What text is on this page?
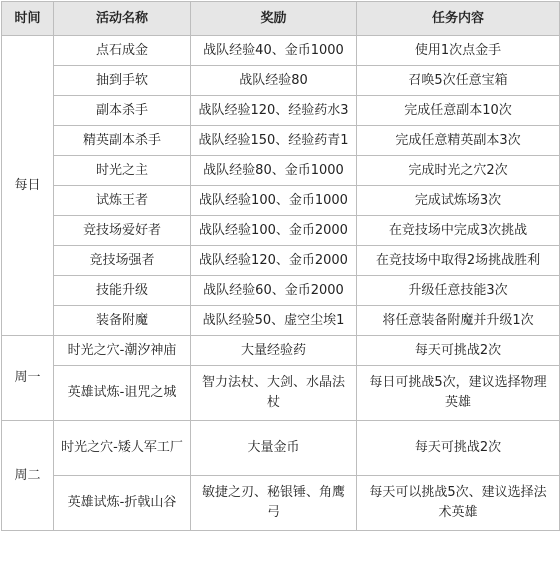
时间	活动名称	奖励	任务内容
每日	点石成金	战队经验40、金币1000	使用1次点金手
	抽到手软	战队经验80	召唤5次任意宝箱
	副本杀手	战队经验120、经验药水3	完成任意副本10次
	精英副本杀手	战队经验150、经验药青1	完成任意精英副本3次
	时光之主	战队经验80、金币1000	完成时光之穴2次
	试炼王者	战队经验100、金币1000	完成试炼场3次
	竞技场爱好者	战队经验100、金币2000	在竞技场中完成3次挑战
	竞技场强者	战队经验120、金币2000	在竞技场中取得2场挑战胜利
	技能升级	战队经验60、金币2000	升级任意技能3次
	装备附魔	战队经验50、虚空尘埃1	将任意装备附魔并升级1次
周一	时光之穴-潮汐神庙	大量经验药	每天可挑战2次
	英雄试炼-诅咒之城	智力法杖、大剑、水晶法杖	每日可挑战5次，建议选择物理英雄
周二	时光之穴-矮人军工厂	大量金币	每天可挑战2次
	英雄试炼-折戟山谷	敏捷之刃、秘银锤、角鹰弓	每天可以挑战5次、建议选择法术英雄
